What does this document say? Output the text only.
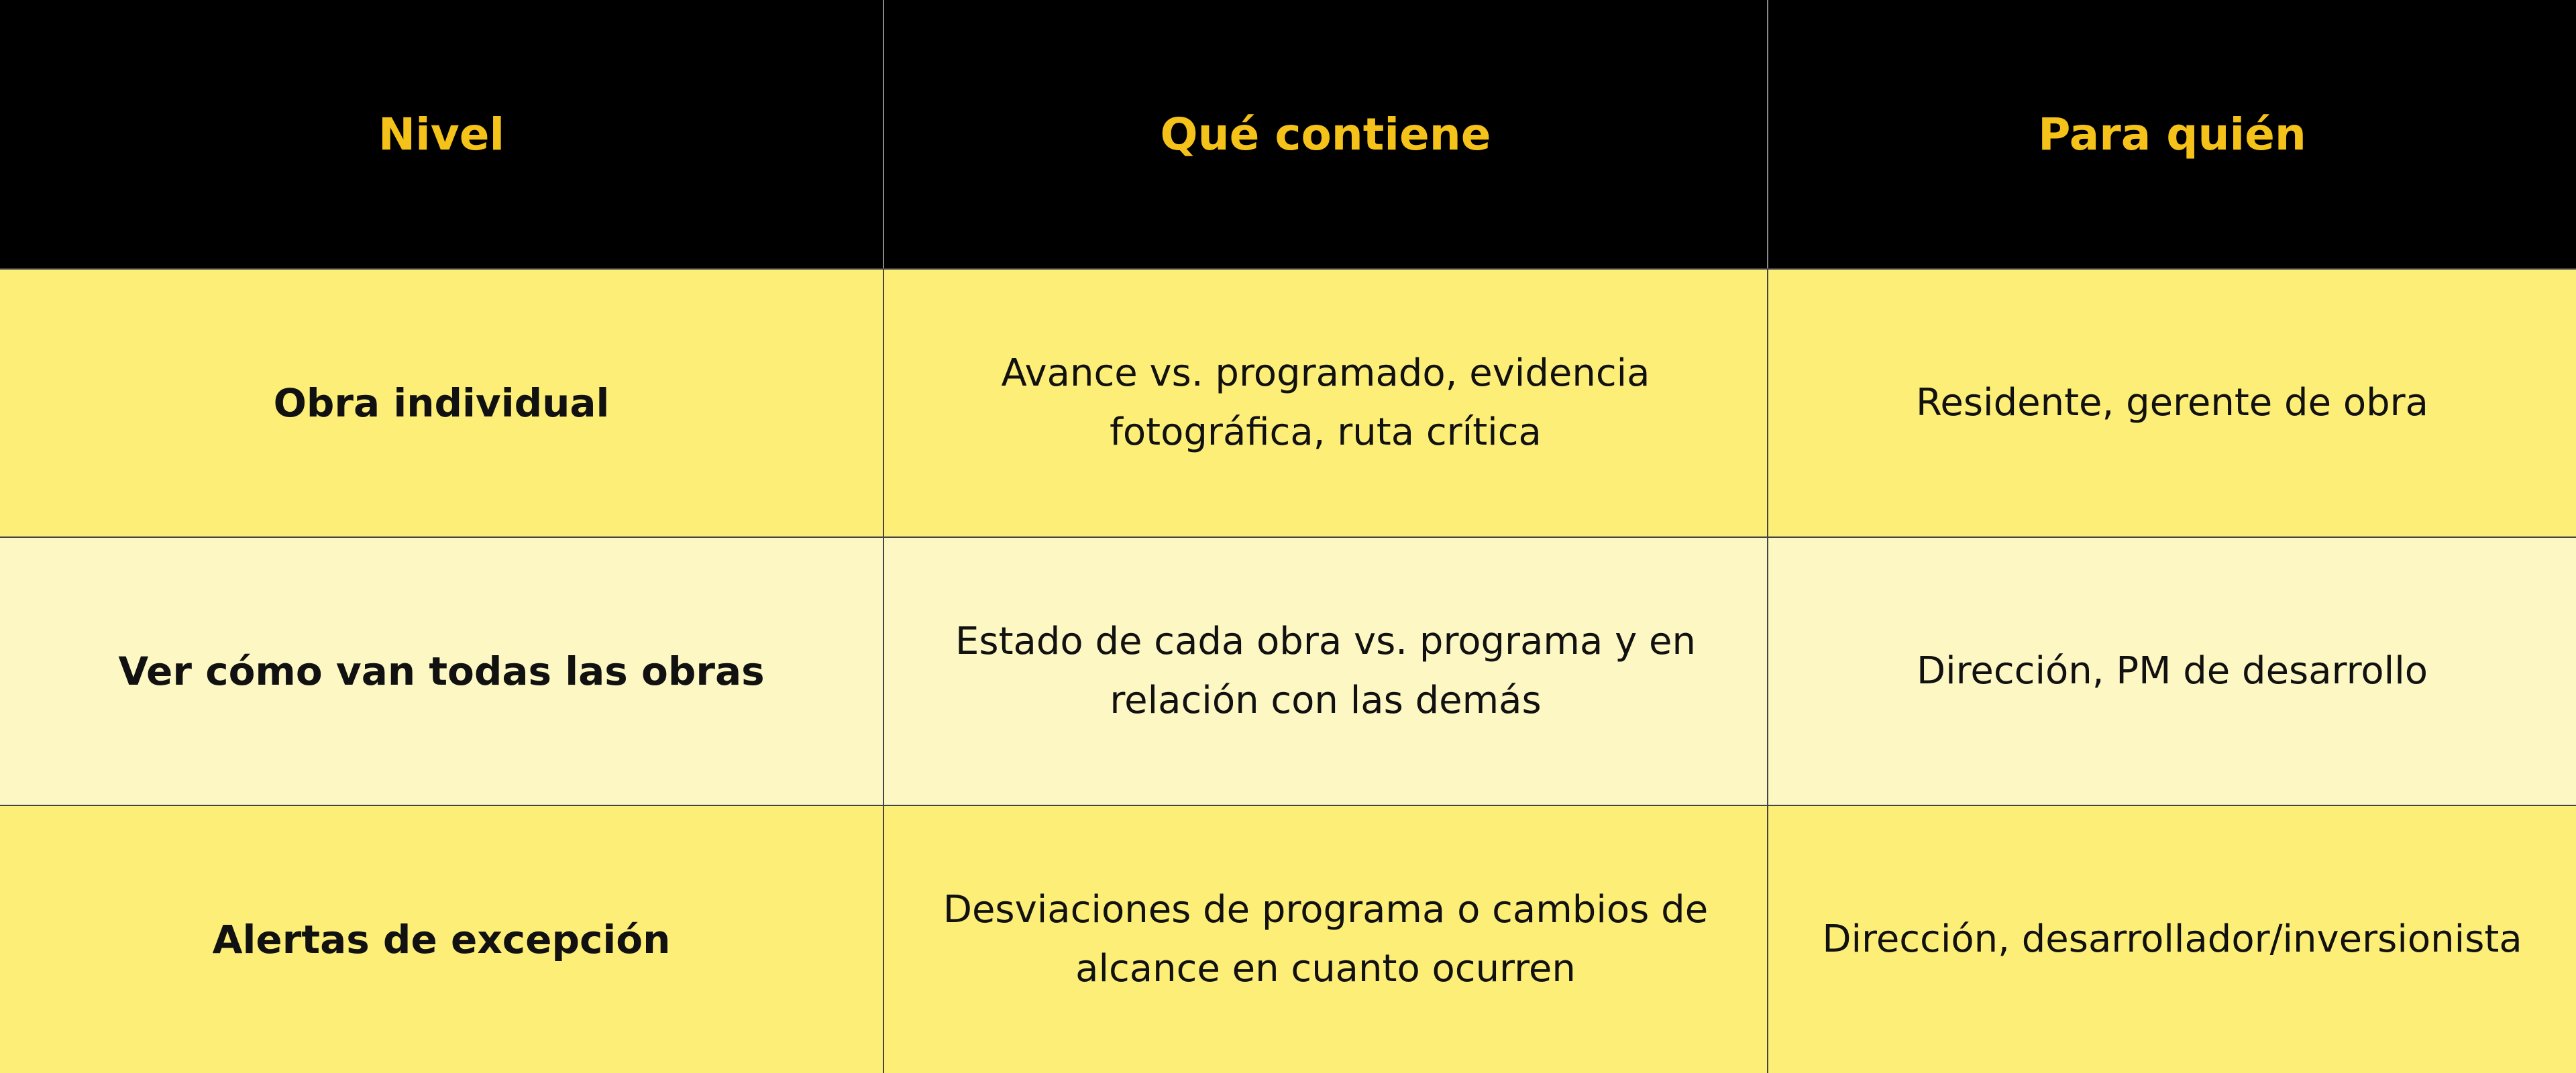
Nivel	Qué contiene	Para quién
Obra individual
Avance vs. programado, evidencia fotográfica, ruta crítica
Residente, gerente de obra
Ver cómo van todas las obras
Estado de cada obra vs. programa y en relación con las demás
Dirección, PM de desarrollo
Alertas de excepción
Desviaciones de programa o cambios de alcance en cuanto ocurren
Dirección, desarrollador/inversionista
